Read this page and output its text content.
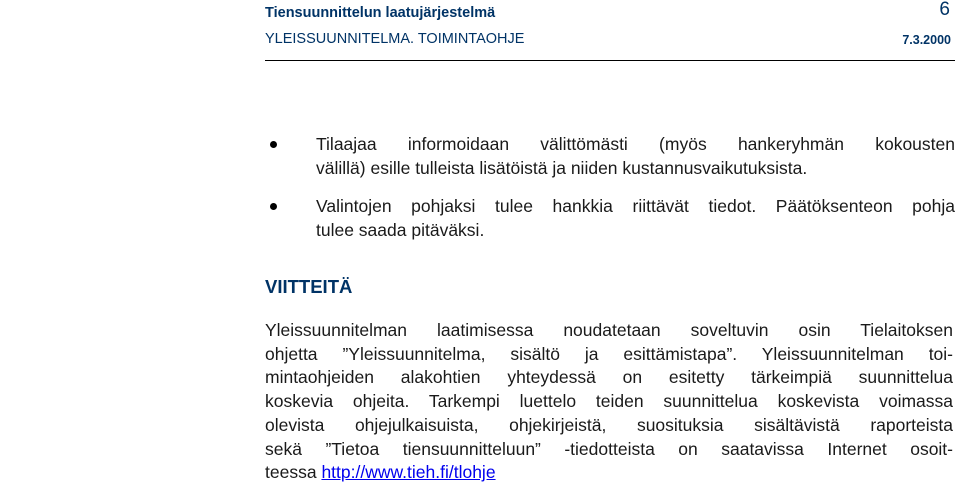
Tiensuunnittelun laatujärjestelmä
YLEISSUUNNITELMA. TOIMINTAOHJE
6
7.3.2000
Tilaajaa informoidaan välittömästi (myös hankeryhmän kokousten
välillä) esille tulleista lisätöistä ja niiden kustannusvaikutuksista.
Valintojen pohjaksi tulee hankkia riittävät tiedot. Päätöksenteon pohja
tulee saada pitäväksi.
VIITTEITÄ

Yleissuunnitelman laatimisessa noudatetaan soveltuvin osin Tielaitoksen
ohjetta ”Yleissuunnitelma, sisältö ja esittämistapa”. Yleissuunnitelman toi-
mintaohjeiden alakohtien yhteydessä on esitetty tärkeimpiä suunnittelua
koskevia ohjeita. Tarkempi luettelo teiden suunnittelua koskevista voimassa
olevista ohjejulkaisuista, ohjekirjeistä, suosituksia sisältävistä raporteista
sekä ”Tietoa tiensuunnitteluun” -tiedotteista on saatavissa Internet osoit-
teessa http://www.tieh.fi/tlohje
